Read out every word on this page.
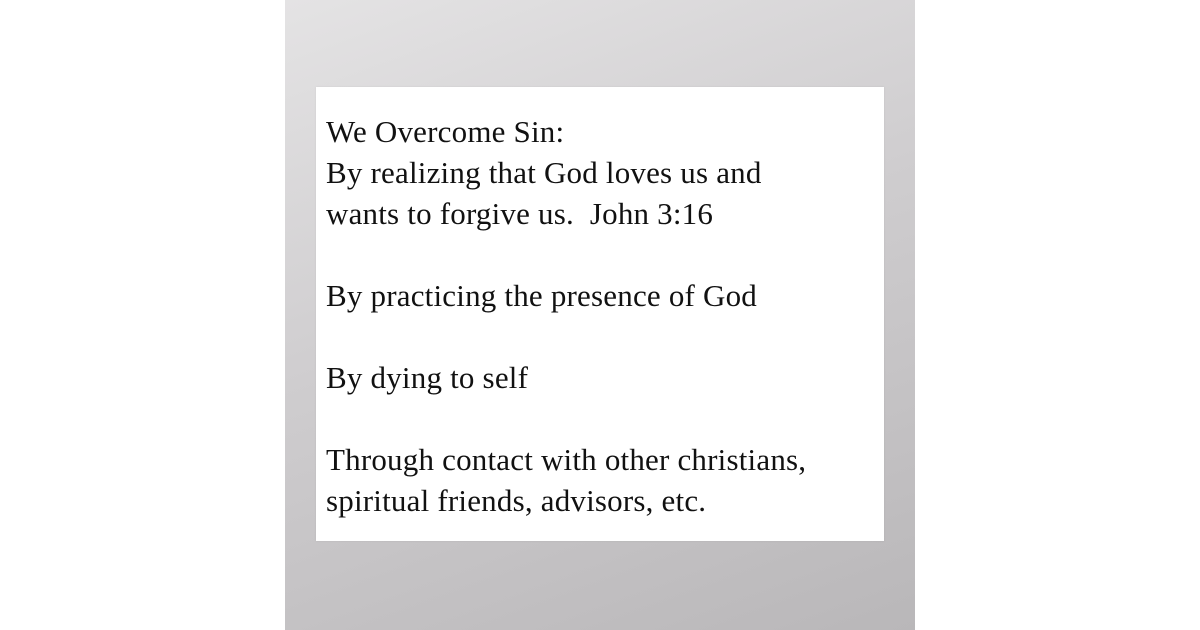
We Overcome Sin:
By realizing that God loves us and
wants to forgive us.  John 3:16
By practicing the presence of God
By dying to self
Through contact with other christians,
spiritual friends, advisors, etc.
